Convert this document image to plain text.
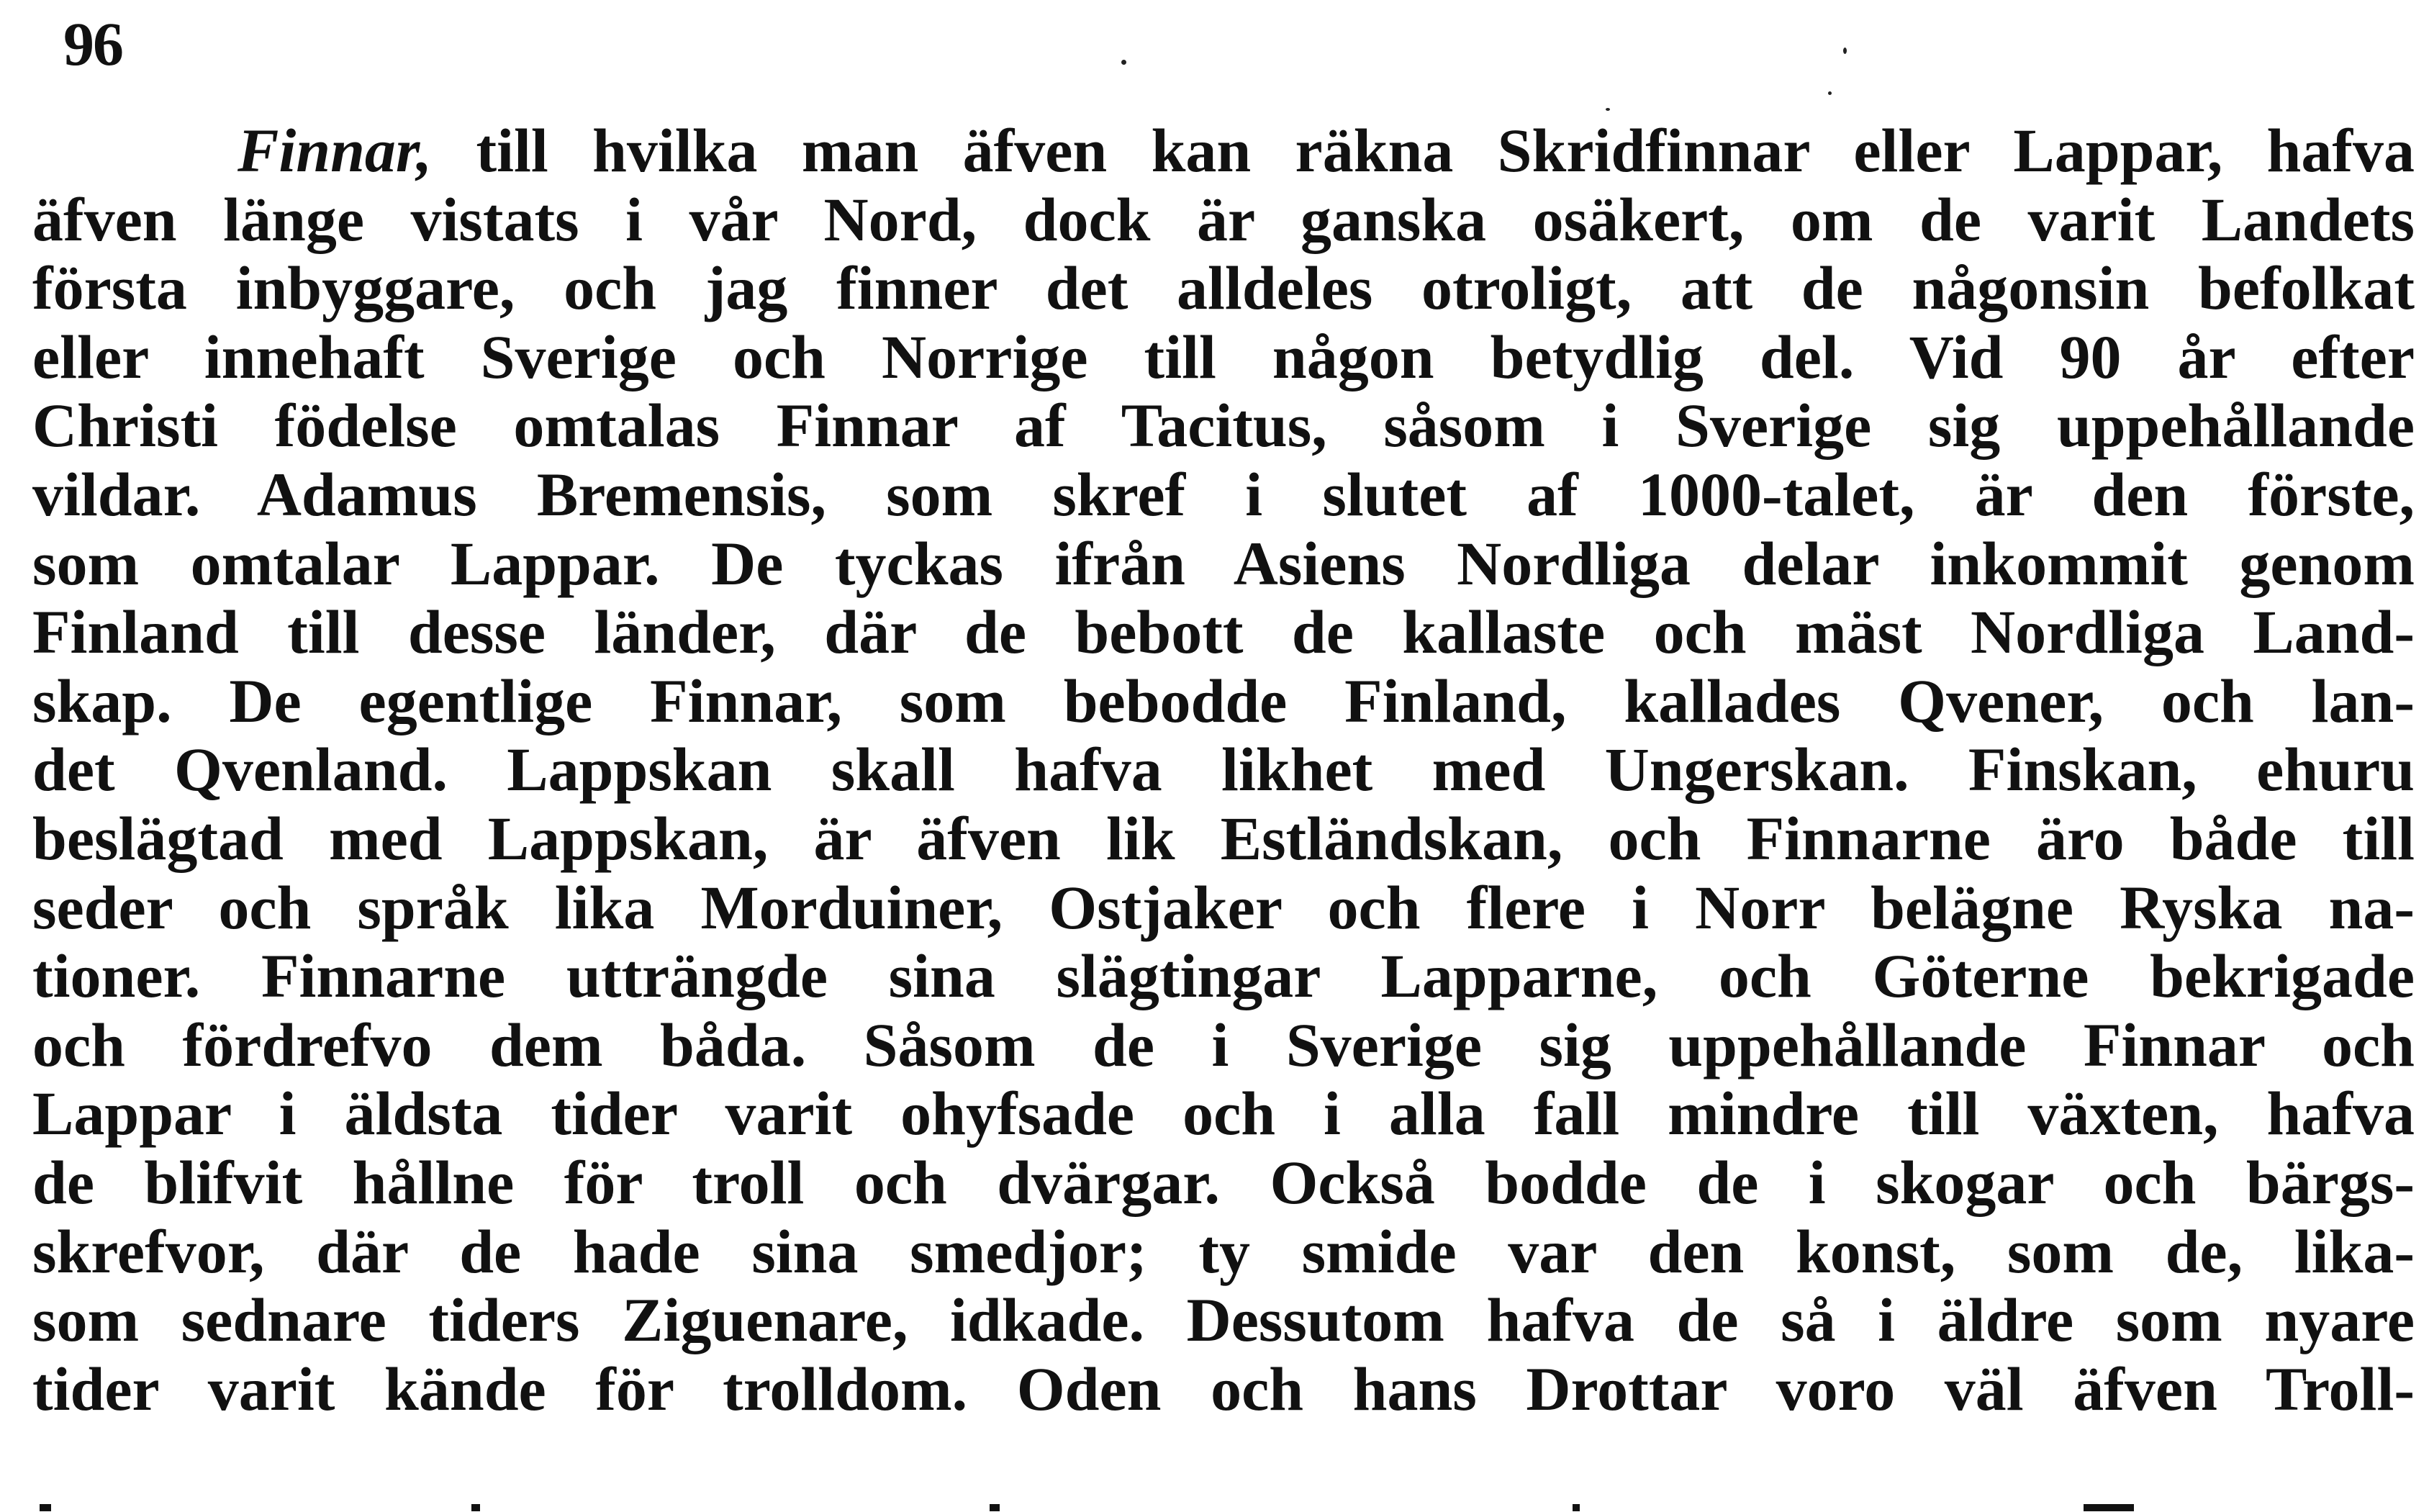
96
Finnar, till hvilka man äfven kan räkna Skridfinnar eller Lappar, hafva
äfven länge vistats i vår Nord, dock är ganska osäkert, om de varit Landets
första inbyggare, och jag finner det alldeles otroligt, att de någonsin befolkat
eller innehaft Sverige och Norrige till någon betydlig del. Vid 90 år efter
Christi födelse omtalas Finnar af Tacitus, såsom i Sverige sig uppehållande
vildar. Adamus Bremensis, som skref i slutet af 1000-talet, är den förste,
som omtalar Lappar. De tyckas ifrån Asiens Nordliga delar inkommit genom
Finland till desse länder, där de bebott de kallaste och mäst Nordliga Land-
skap. De egentlige Finnar, som bebodde Finland, kallades Qvener, och lan-
det Qvenland. Lappskan skall hafva likhet med Ungerskan. Finskan, ehuru
beslägtad med Lappskan, är äfven lik Estländskan, och Finnarne äro både till
seder och språk lika Morduiner, Ostjaker och flere i Norr belägne Ryska na-
tioner. Finnarne utträngde sina slägtingar Lapparne, och Göterne bekrigade
och fördrefvo dem båda. Såsom de i Sverige sig uppehållande Finnar och
Lappar i äldsta tider varit ohyfsade och i alla fall mindre till växten, hafva
de blifvit hållne för troll och dvärgar. Också bodde de i skogar och bärgs-
skrefvor, där de hade sina smedjor; ty smide var den konst, som de, lika-
som sednare tiders Ziguenare, idkade. Dessutom hafva de så i äldre som nyare
tider varit kände för trolldom. Oden och hans Drottar voro väl äfven Troll-
